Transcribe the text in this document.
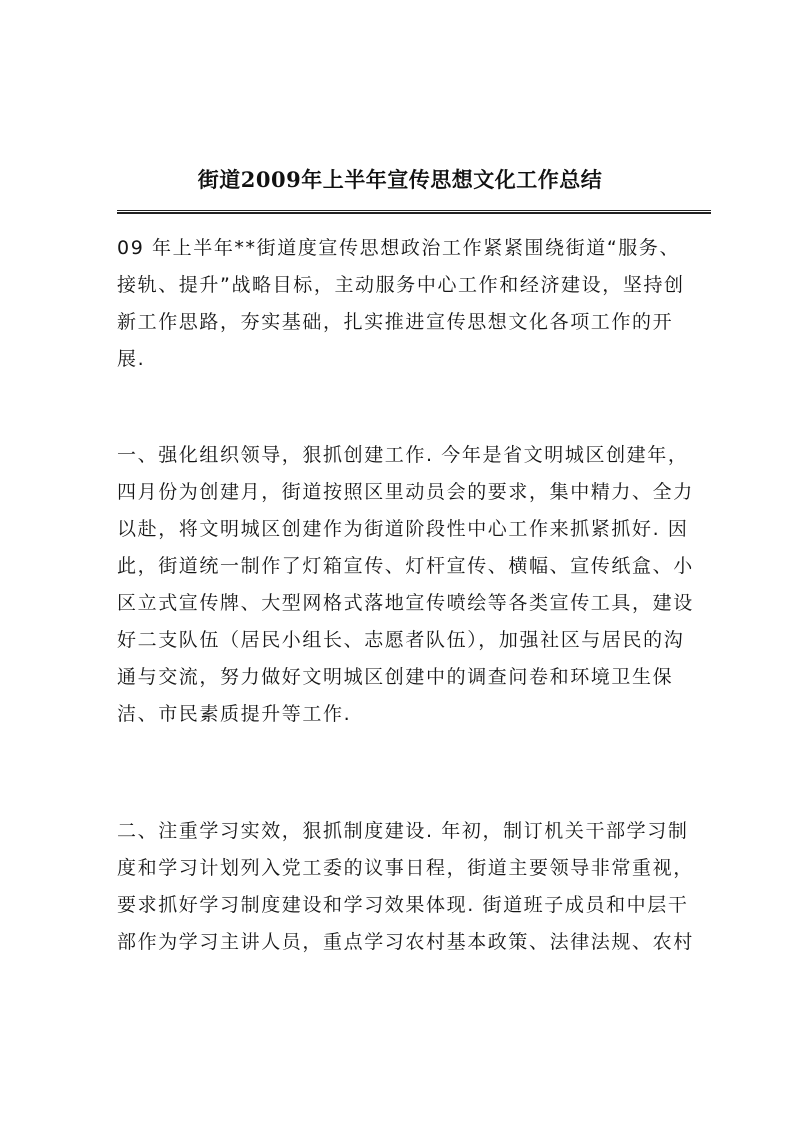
街道2009年上半年宣传思想文化工作总结

09 年上半年**街道度宣传思想政治工作紧紧围绕街道“服务、
接轨、提升”战略目标，主动服务中心工作和经济建设，坚持创
新工作思路，夯实基础，扎实推进宣传思想文化各项工作的开
展.

一、强化组织领导，狠抓创建工作. 今年是省文明城区创建年，
四月份为创建月，街道按照区里动员会的要求，集中精力、全力
以赴，将文明城区创建作为街道阶段性中心工作来抓紧抓好. 因
此，街道统一制作了灯箱宣传、灯杆宣传、横幅、宣传纸盒、小
区立式宣传牌、大型网格式落地宣传喷绘等各类宣传工具，建设
好二支队伍（居民小组长、志愿者队伍），加强社区与居民的沟
通与交流，努力做好文明城区创建中的调查问卷和环境卫生保
洁、市民素质提升等工作.

二、注重学习实效，狠抓制度建设. 年初，制订机关干部学习制
度和学习计划列入党工委的议事日程，街道主要领导非常重视，
要求抓好学习制度建设和学习效果体现. 街道班子成员和中层干
部作为学习主讲人员，重点学习农村基本政策、法律法规、农村
